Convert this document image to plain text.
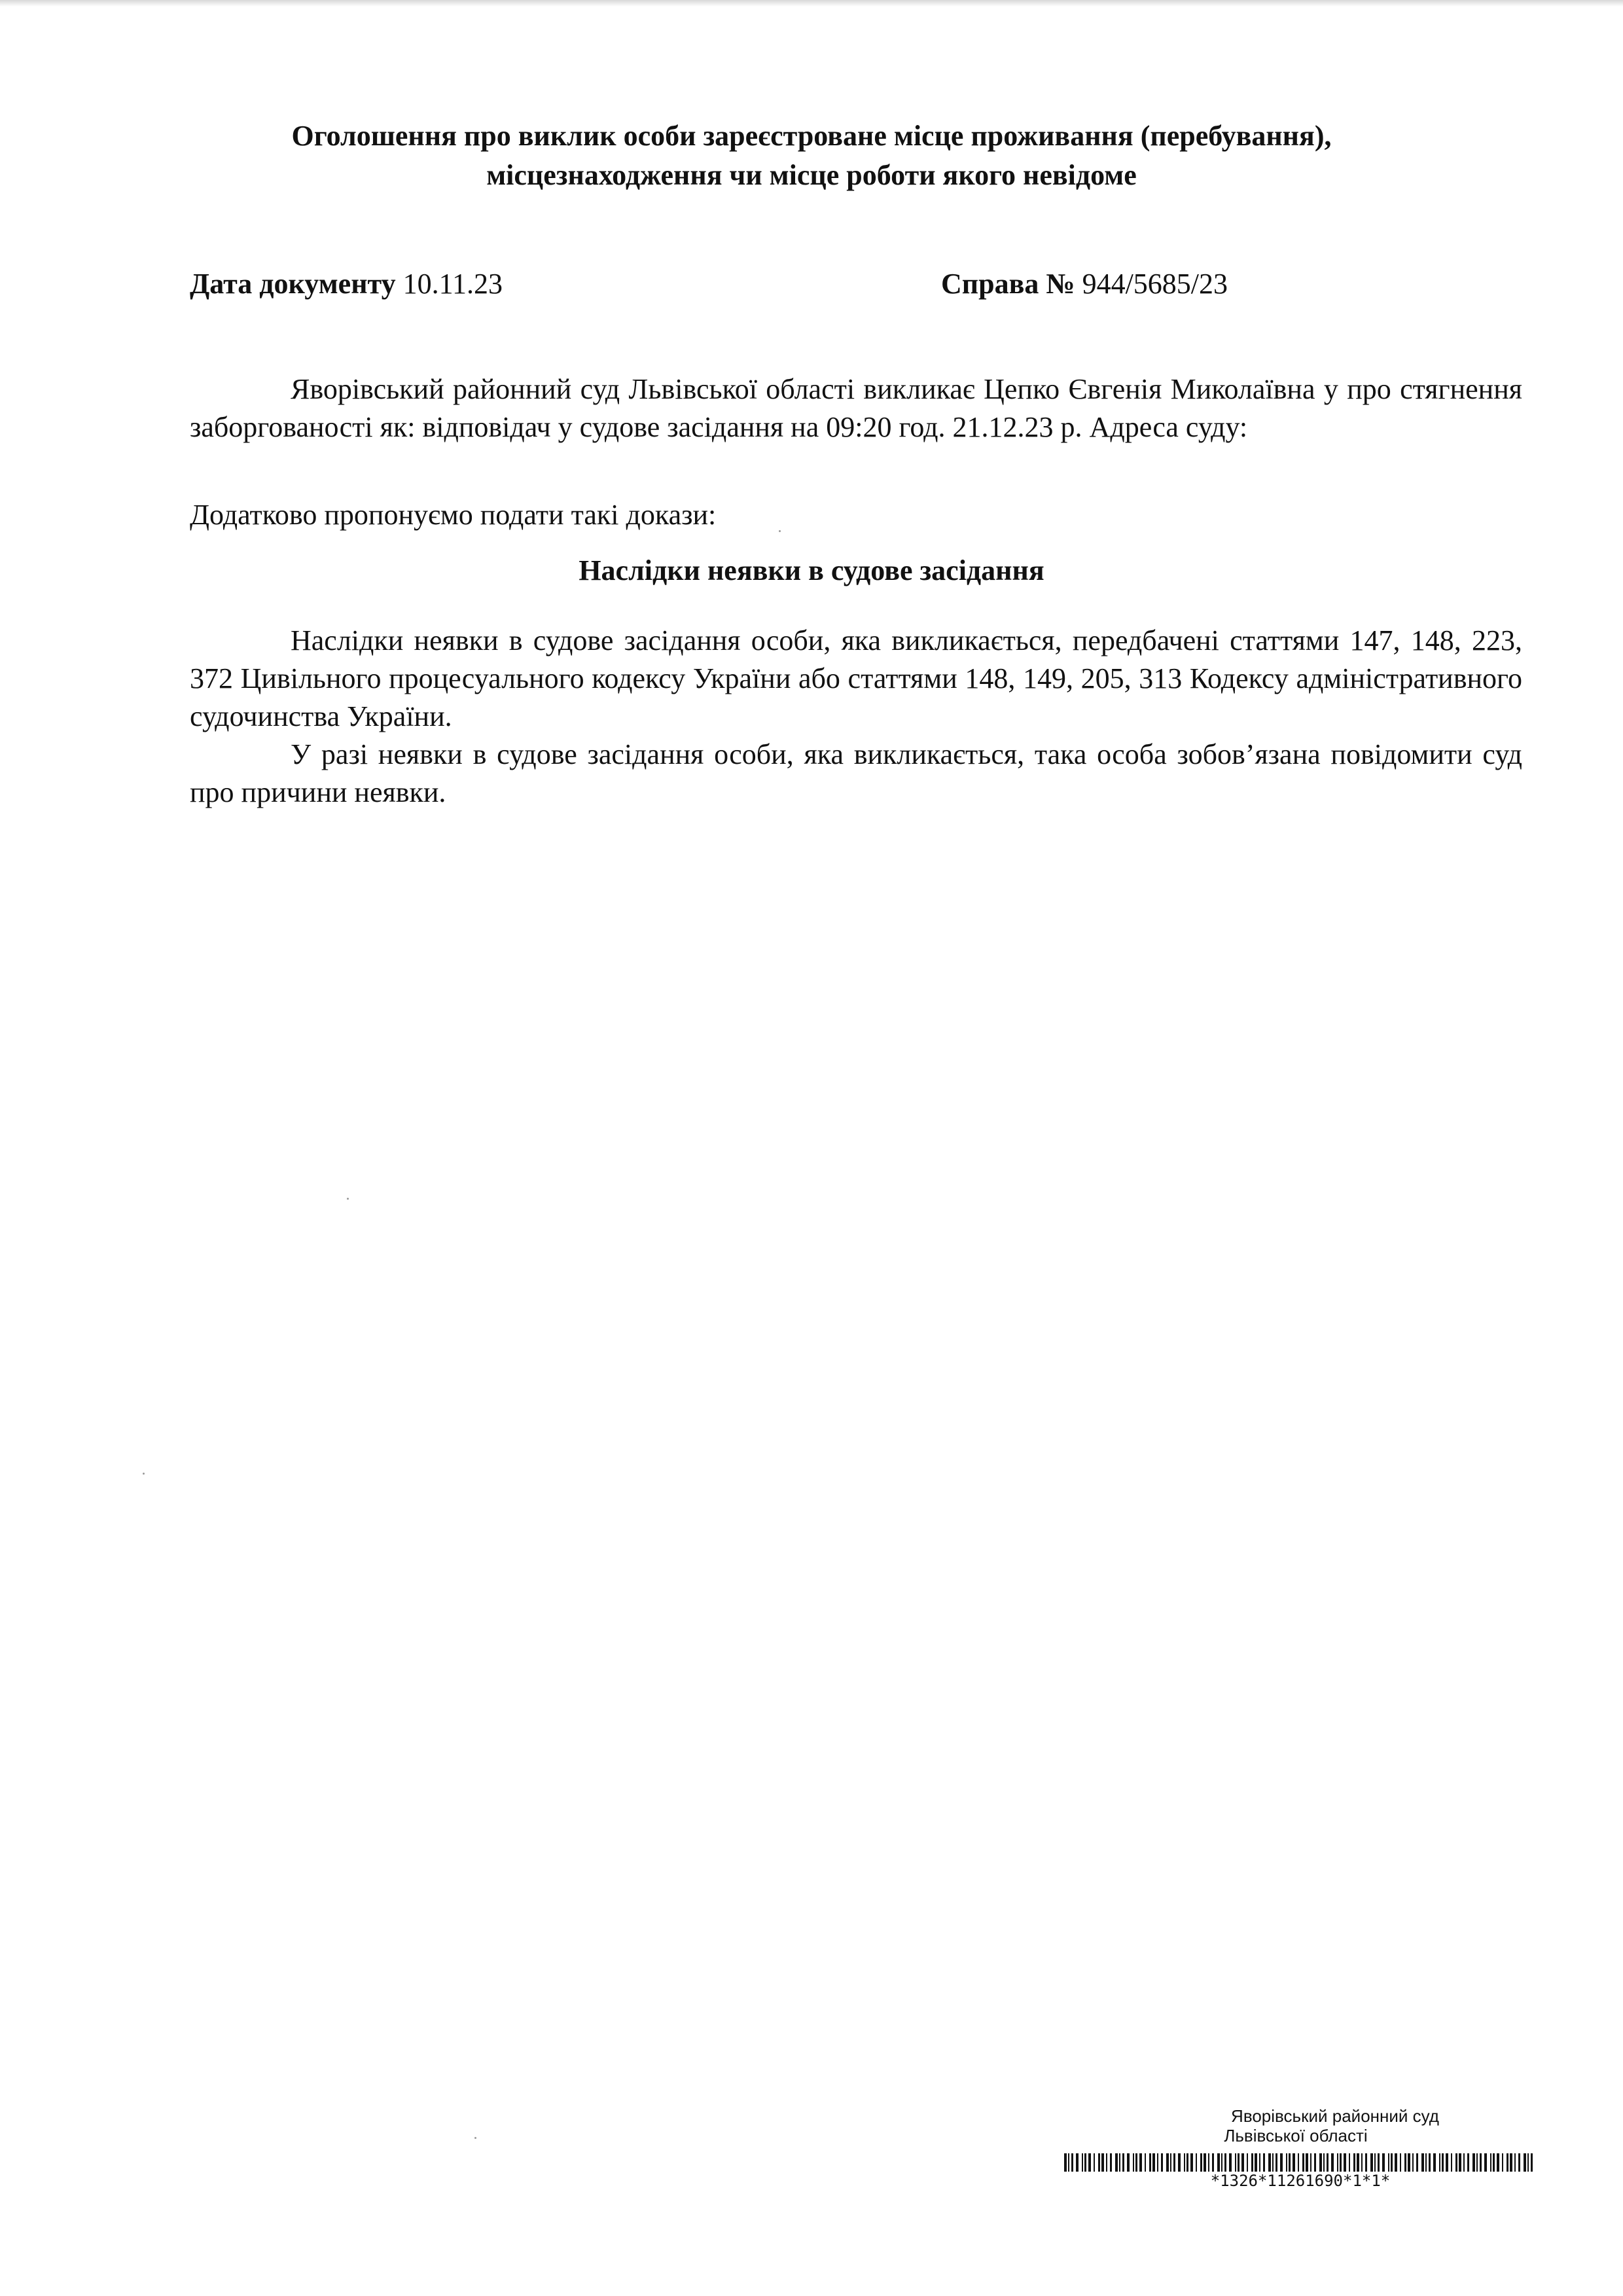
Оголошення про виклик особи зареєстроване місце проживання (перебування),
місцезнаходження чи місце роботи якого невідоме
Дата документу 10.11.23	Справа № 944/5685/23

Яворівський районний суд Львівської області викликає Цепко Євгенія Миколаївна у про стягнення заборгованості як: відповідач у судове засідання на 09:20 год. 21.12.23 р. Адреса суду:

Додатково пропонуємо подати такі докази:
Наслідки неявки в судове засідання

Наслідки неявки в судове засідання особи, яка викликається, передбачені статтями 147, 148, 223, 372 Цивільного процесуального кодексу України або статтями 148, 149, 205, 313 Кодексу адміністративного судочинства України.

У разі неявки в судове засідання особи, яка викликається, така особа зобов’язана повідомити суд про причини неявки.

Яворівський районний суд
Львівської області
*1326*11261690*1*1*
